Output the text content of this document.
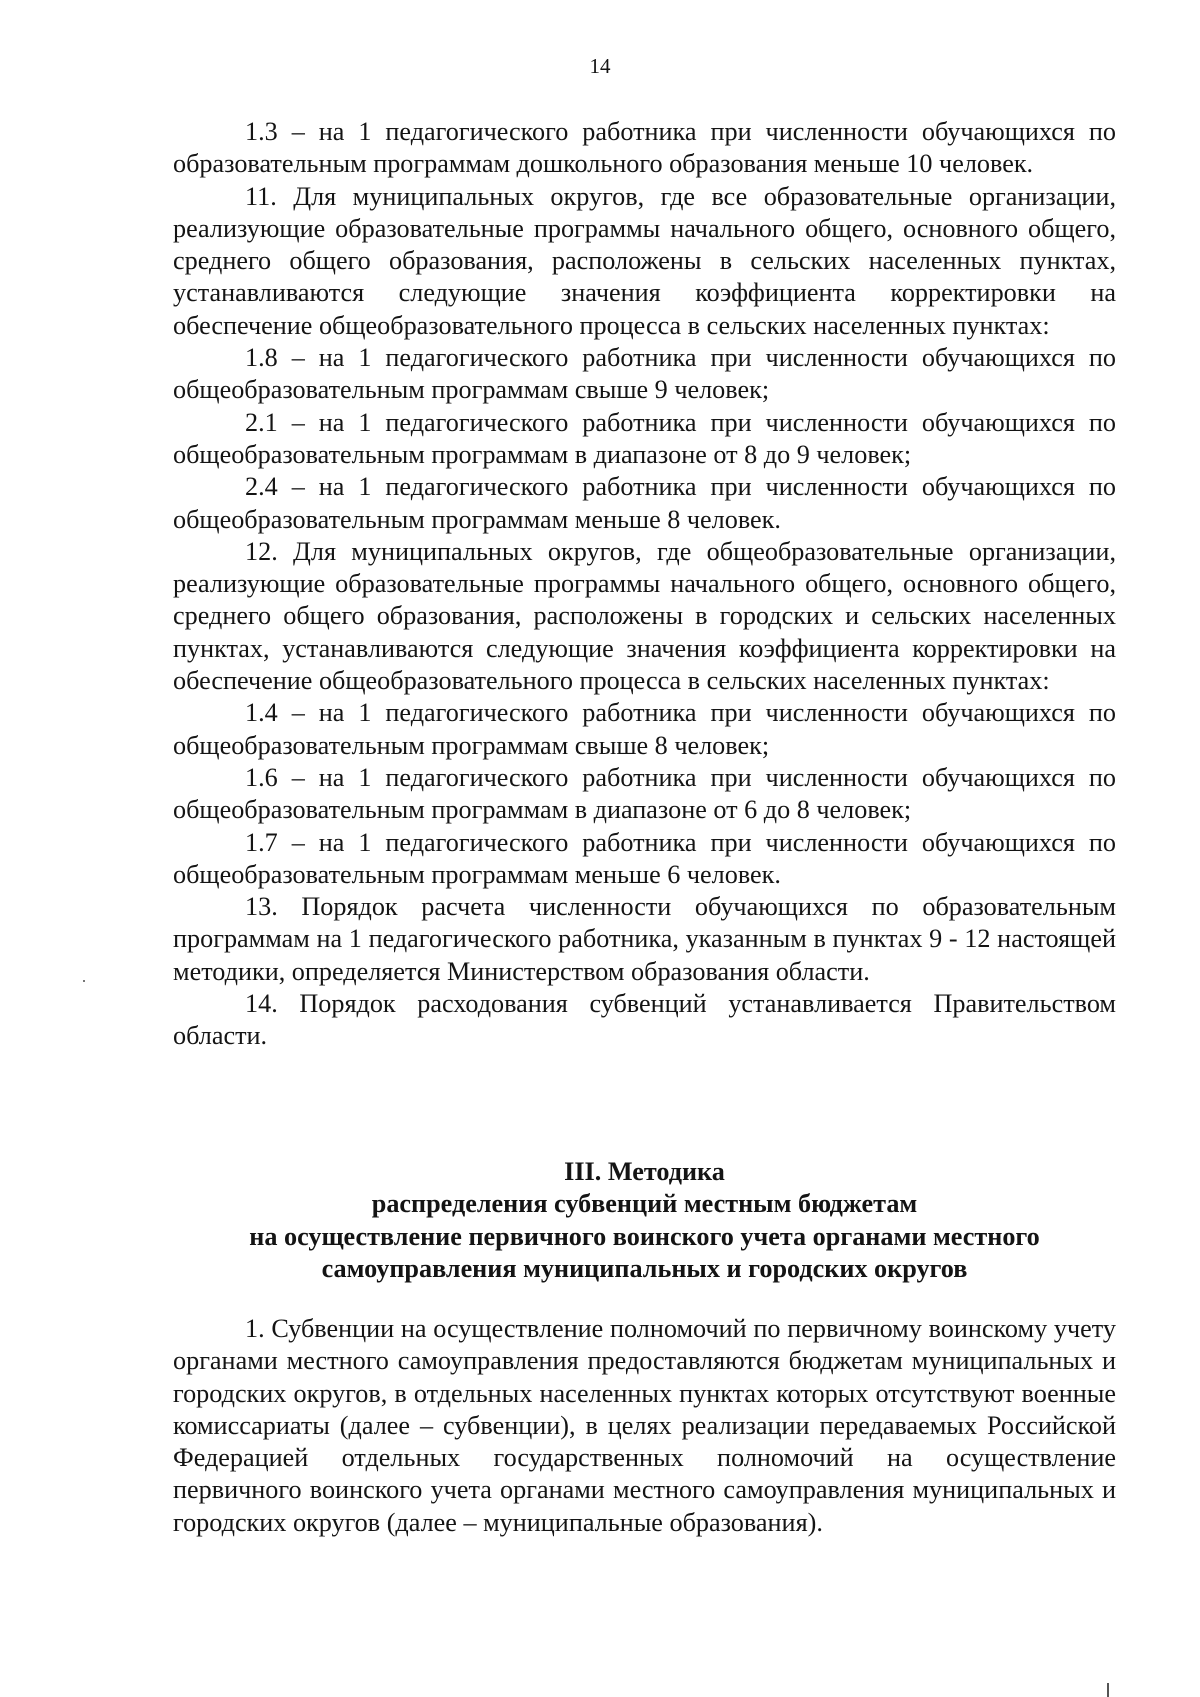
14

1.3 – на 1 педагогического работника при численности обучающихся по образовательным программам дошкольного образования меньше 10 человек.

11. Для муниципальных округов, где все образовательные организации, реализующие образовательные программы начального общего, основного общего, среднего общего образования, расположены в сельских населенных пунктах, устанавливаются следующие значения коэффициента корректировки на обеспечение общеобразовательного процесса в сельских населенных пунктах:

1.8 – на 1 педагогического работника при численности обучающихся по общеобразовательным программам свыше 9 человек;

2.1 – на 1 педагогического работника при численности обучающихся по общеобразовательным программам в диапазоне от 8 до 9 человек;

2.4 – на 1 педагогического работника при численности обучающихся по общеобразовательным программам меньше 8 человек.

12. Для муниципальных округов, где общеобразовательные организации, реализующие образовательные программы начального общего, основного общего, среднего общего образования, расположены в городских и сельских населенных пунктах, устанавливаются следующие значения коэффициента корректировки на обеспечение общеобразовательного процесса в сельских населенных пунктах:

1.4 – на 1 педагогического работника при численности обучающихся по общеобразовательным программам свыше 8 человек;

1.6 – на 1 педагогического работника при численности обучающихся по общеобразовательным программам в диапазоне от 6 до 8 человек;

1.7 – на 1 педагогического работника при численности обучающихся по общеобразовательным программам меньше 6 человек.

13. Порядок расчета численности обучающихся по образовательным программам на 1 педагогического работника, указанным в пунктах 9 - 12 настоящей методики, определяется Министерством образования области.

14. Порядок расходования субвенций устанавливается Правительством области.

III. Методика
распределения субвенций местным бюджетам
на осуществление первичного воинского учета органами местного
самоуправления муниципальных и городских округов

1. Субвенции на осуществление полномочий по первичному воинскому учету органами местного самоуправления предоставляются бюджетам муниципальных и городских округов, в отдельных населенных пунктах которых отсутствуют военные комиссариаты (далее – субвенции), в целях реализации передаваемых Российской Федерацией отдельных государственных полномочий на осуществление первичного воинского учета органами местного самоуправления муниципальных и городских округов (далее – муниципальные образования).
